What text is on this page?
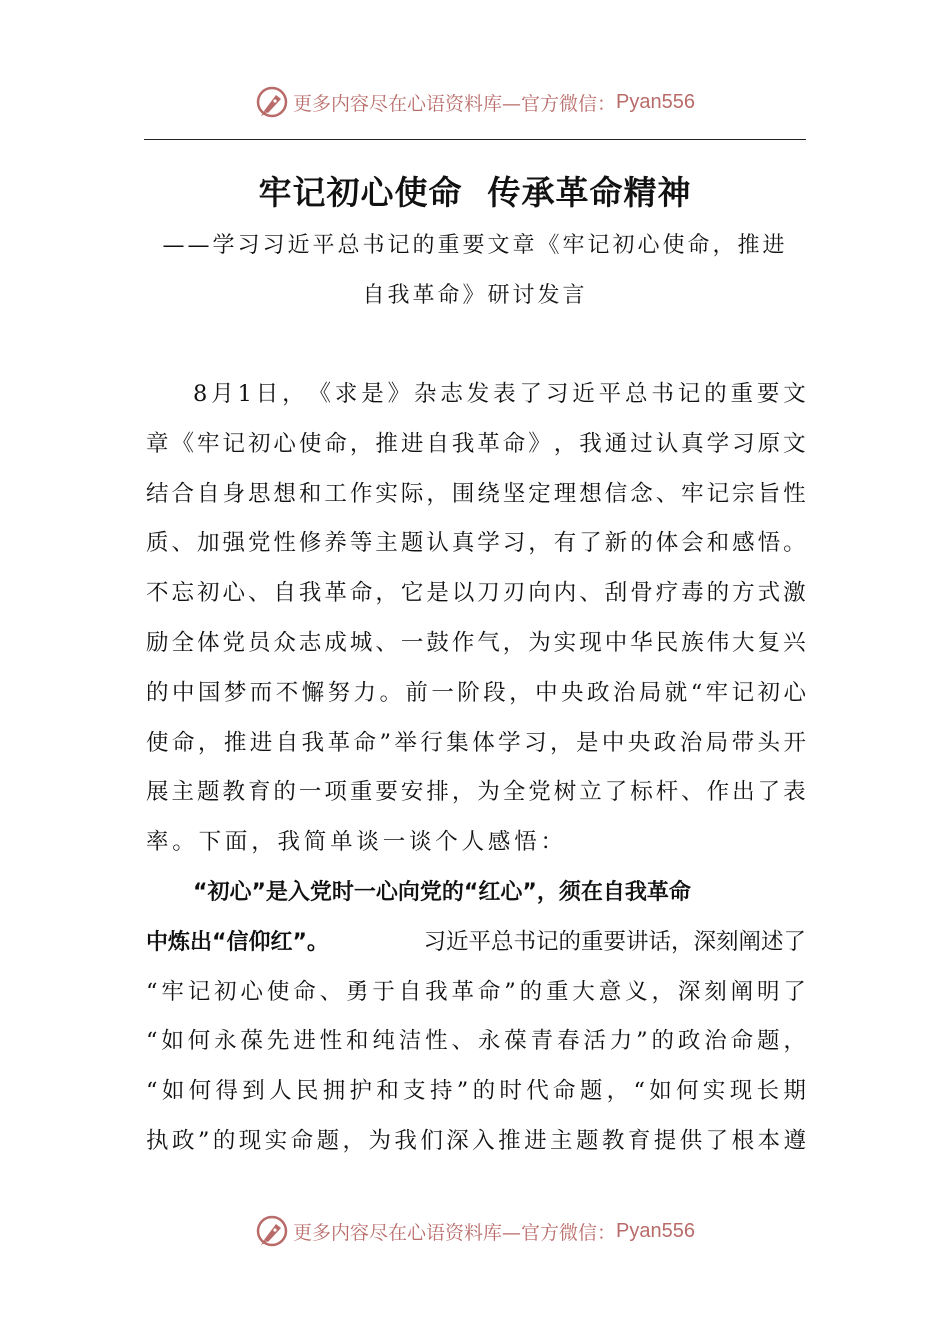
更多内容尽在心语资料库— 官方微信： Pyan556
牢记初心使命  传承革命精神
——学习习近平总书记的重要文章《牢记初心使命，推进
自我革命》研讨发言
8 月 1 日 ， 《 求 是 》 杂 志 发 表 了 习 近 平 总 书 记 的 重 要 文
章 《 牢 记 初 心 使 命 ， 推 进 自 我 革 命 》 ， 我 通 过 认 真 学 习 原 文
结 合 自 身 思 想 和 工 作 实 际 ， 围 绕 坚 定 理 想 信 念 、 牢 记 宗 旨 性
质 、 加 强 党 性 修 养 等 主 题 认 真 学 习 ， 有 了 新 的 体 会 和 感 悟 。
不 忘 初 心 、 自 我 革 命 ， 它 是 以 刀 刃 向 内 、 刮 骨 疗 毒 的 方 式 激
励 全 体 党 员 众 志 成 城 、 一 鼓 作 气 ， 为 实 现 中 华 民 族 伟 大 复 兴
的 中 国 梦 而 不 懈 努 力 。 前 一 阶 段 ， 中 央 政 治 局 就 “ 牢 记 初 心
使 命 ， 推 进 自 我 革 命 ” 举 行 集 体 学 习 ， 是 中 央 政 治 局 带 头 开
展 主 题 教 育 的 一 项 重 要 安 排 ， 为 全 党 树 立 了 标 杆 、 作 出 了 表
率。下面，我简单谈一谈个人感悟：
“初心”是入党时一心向党的“红心”，须在自我革命
中炼出“信仰红”。	习近平总书记的重要讲话，深刻阐述了
“ 牢 记 初 心 使 命 、 勇 于 自 我 革 命 ” 的 重 大 意 义 ， 深 刻 阐 明 了
“ 如 何 永 葆 先 进 性 和 纯 洁 性 、 永 葆 青 春 活 力 ” 的 政 治 命 题 ，
“ 如 何 得 到 人 民 拥 护 和 支 持 ” 的 时 代 命 题 ， “ 如 何 实 现 长 期
执 政 ” 的 现 实 命 题 ， 为 我 们 深 入 推 进 主 题 教 育 提 供 了 根 本 遵
更多内容尽在心语资料库— 官方微信： Pyan556
